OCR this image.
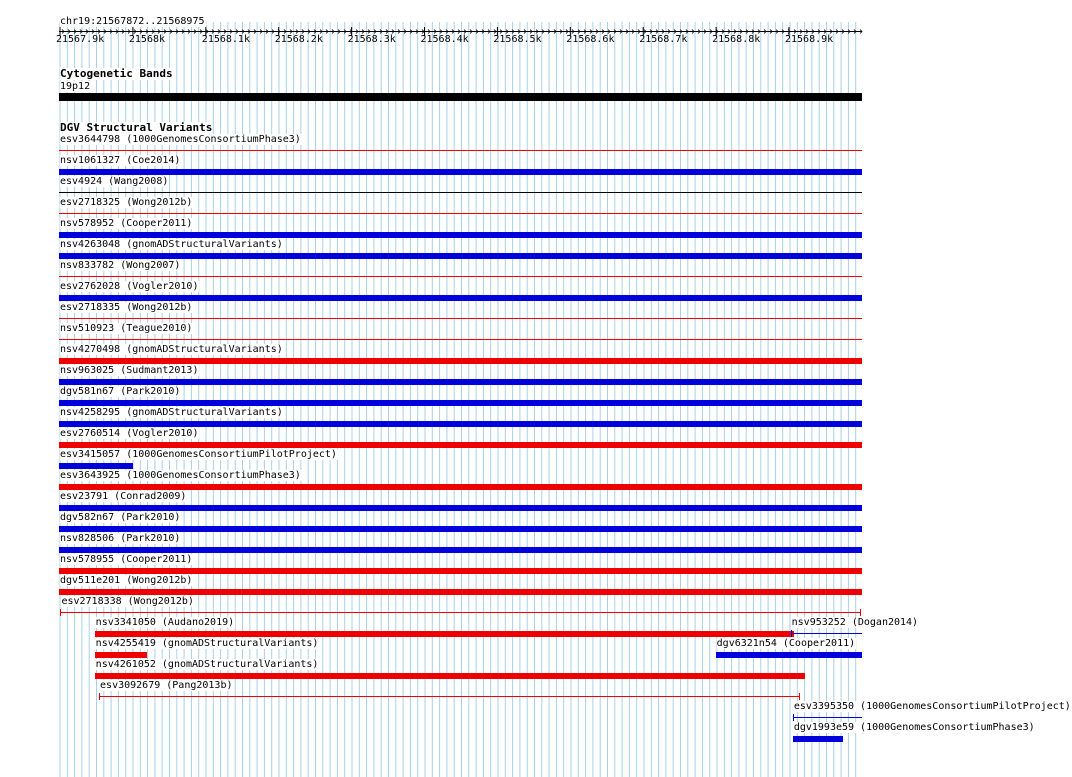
chr19:21567872..21568975
21567.9k 21568k	21568.1k 21568.2k 21568.3k 21568.4k 21568.5k 21568.6k 21568.7k 21568.8k 21568.9k
Cytogenetic Bands
19p12
DGV Structural Variants
esv3644798 (1000GenomesConsortiumPhase3)
nsv1061327 (Coe2014)
esv4924 (Wang2008)
esv2718325 (Wong2012b)
nsv578952 (Cooper2011)
nsv4263048 (gnomADStructuralVariants)
nsv833782 (Wong2007)
esv2762028 (Vogler2010)
esv2718335 (Wong2012b)
nsv510923 (Teague2010)
nsv4270498 (gnomADStructuralVariants)
nsv963025 (Sudmant2013)
dgv581n67 (Park2010)
nsv4258295 (gnomADStructuralVariants)
esv2760514 (Vogler2010)
esv3415057 (1000GenomesConsortiumPilotProject)
esv3643925 (1000GenomesConsortiumPhase3)
esv23791 (Conrad2009)
dgv582n67 (Park2010)
nsv828506 (Park2010)
nsv578955 (Cooper2011)
dgv511e201 (Wong2012b)
esv2718338 (Wong2012b)
nsv3341050 (Audano2019)	nsv953252 (Dogan2014)
nsv4255419 (gnomADStructuralVariants)	dgv6321n54 (Cooper2011)
nsv4261052 (gnomADStructuralVariants)
esv3092679 (Pang2013b)
esv3395350 (1000GenomesConsortiumPilotProject)
dgv1993e59 (1000GenomesConsortiumPhase3)
